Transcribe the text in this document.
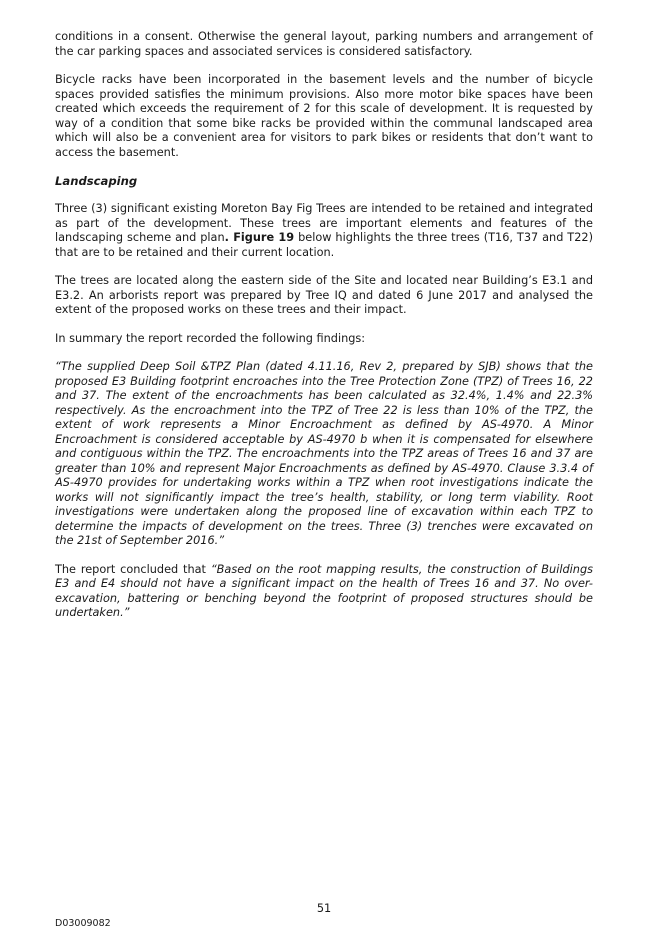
conditions in a consent. Otherwise the general layout, parking numbers and arrangement of the car parking spaces and associated services is considered satisfactory.

Bicycle racks have been incorporated in the basement levels and the number of bicycle spaces provided satisfies the minimum provisions. Also more motor bike spaces have been created which exceeds the requirement of 2 for this scale of development. It is requested by way of a condition that some bike racks be provided within the communal landscaped area which will also be a convenient area for visitors to park bikes or residents that don’t want to access the basement.

Landscaping

Three (3) significant existing Moreton Bay Fig Trees are intended to be retained and integrated as part of the development. These trees are important elements and features of the landscaping scheme and plan. Figure 19 below highlights the three trees (T16, T37 and T22) that are to be retained and their current location.

The trees are located along the eastern side of the Site and located near Building’s E3.1 and E3.2. An arborists report was prepared by Tree IQ and dated 6 June 2017 and analysed the extent of the proposed works on these trees and their impact.

In summary the report recorded the following findings:

“The supplied Deep Soil &TPZ Plan (dated 4.11.16, Rev 2, prepared by SJB) shows that the proposed E3 Building footprint encroaches into the Tree Protection Zone (TPZ) of Trees 16, 22 and 37. The extent of the encroachments has been calculated as 32.4%, 1.4% and 22.3% respectively. As the encroachment into the TPZ of Tree 22 is less than 10% of the TPZ, the extent of work represents a Minor Encroachment as defined by AS-4970. A Minor Encroachment is considered acceptable by AS-4970 b when it is compensated for elsewhere and contiguous within the TPZ. The encroachments into the TPZ areas of Trees 16 and 37 are greater than 10% and represent Major Encroachments as defined by AS-4970. Clause 3.3.4 of AS-4970 provides for undertaking works within a TPZ when root investigations indicate the works will not significantly impact the tree’s health, stability, or long term viability. Root investigations were undertaken along the proposed line of excavation within each TPZ to determine the impacts of development on the trees. Three (3) trenches were excavated on the 21st of September 2016.”

The report concluded that “Based on the root mapping results, the construction of Buildings E3 and E4 should not have a significant impact on the health of Trees 16 and 37. No over-excavation, battering or benching beyond the footprint of proposed structures should be undertaken.”

51
D03009082
